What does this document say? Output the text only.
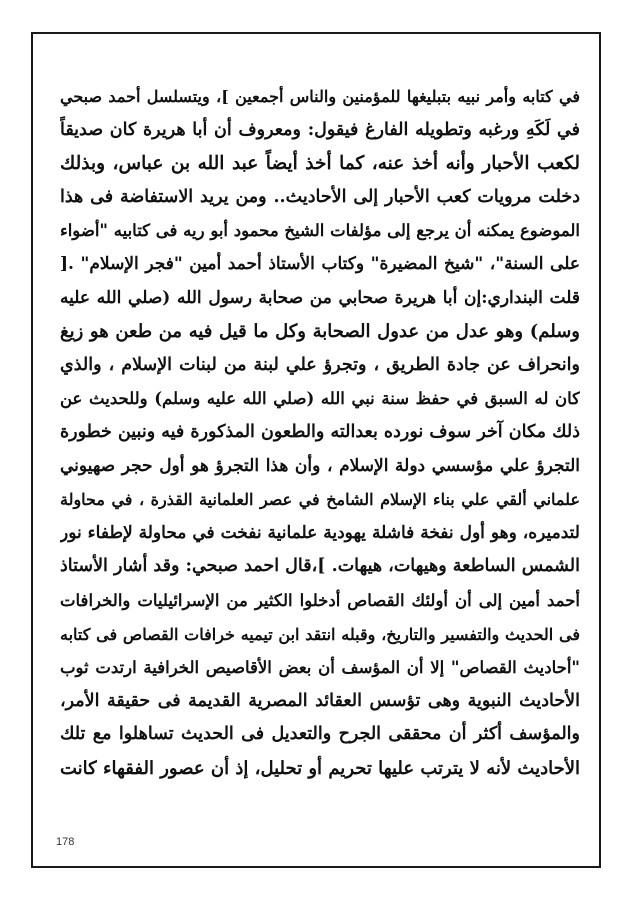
في كتابه وأمر نبيه بتبليغها للمؤمنين والناس أجمعين ]، ويتسلسل أحمد صبحي
في لَكَهِ ورغبه وتطويله الفارغ فيقول: ومعروف أن أبا هريرة كان صديقاً
لكعب الأحبار وأنه أخذ عنه، كما أخذ أيضاً عبد الله بن عباس، وبذلك
دخلت مرويات كعب الأحبار إلى الأحاديث.. ومن يريد الاستفاضة فى هذا
الموضوع يمكنه أن يرجع إلى مؤلفات الشيخ محمود أبو ريه فى كتابيه "أضواء
على السنة"، "شيخ المضيرة" وكتاب الأستاذ أحمد أمين "فجر الإسلام" .[
قلت البنداري:إن أبا هريرة صحابي من صحابة رسول الله (صلي الله عليه
وسلم) وهو عدل من عدول الصحابة وكل ما قيل فيه من طعن هو زيغ
وانحراف عن جادة الطريق ، وتجرؤ علي لبنة من لبنات الإسلام ، والذي
كان له السبق في حفظ سنة نبي الله (صلي الله عليه وسلم) وللحديث عن
ذلك مكان آخر سوف نورده بعدالته والطعون المذكورة فيه ونبين خطورة
التجرؤ علي مؤسسي دولة الإسلام ، وأن هذا التجرؤ هو أول حجر صهيوني
علماني ألقي علي بناء الإسلام الشامخ في عصر العلمانية القذرة ، في محاولة
لتدميره، وهو أول نفخة فاشلة يهودية علمانية نفخت في محاولة لإطفاء نور
الشمس الساطعة وهيهات، هيهات. ]،قال احمد صبحي: وقد أشار الأستاذ
أحمد أمين إلى أن أولئك القصاص أدخلوا الكثير من الإسرائيليات والخرافات
فى الحديث والتفسير والتاريخ، وقبله انتقد ابن تيميه خرافات القصاص فى كتابه
"أحاديث القصاص" إلا أن المؤسف أن بعض الأقاصيص الخرافية ارتدت ثوب
الأحاديث النبوية وهى تؤسس العقائد المصرية القديمة فى حقيقة الأمر،
والمؤسف أكثر أن محققى الجرح والتعديل فى الحديث تساهلوا مع تلك
الأحاديث لأنه لا يترتب عليها تحريم أو تحليل، إذ أن عصور الفقهاء كانت
178
